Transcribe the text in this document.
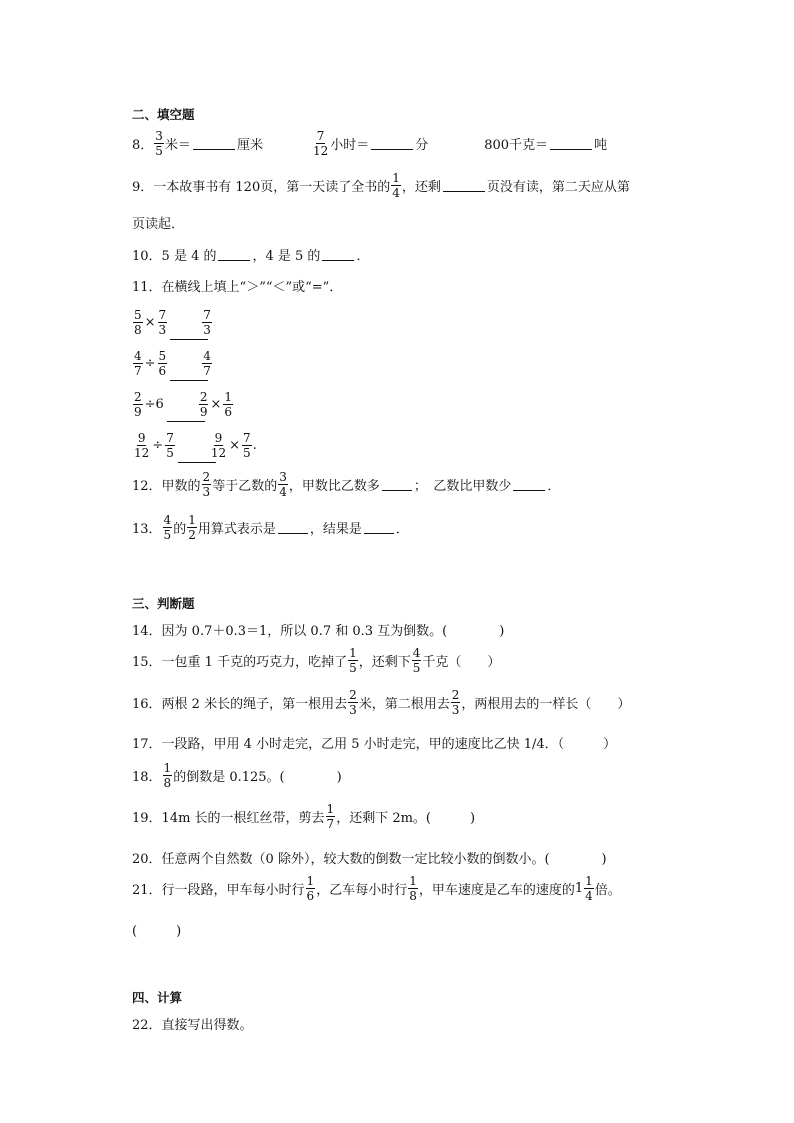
二、填空题
8． $\frac{3}{5}$ 米＝	厘米	$\frac{7}{12}$ 小时＝	分	800千克＝	吨
9．一本故事书有 120页，第一天读了全书的 $\frac{1}{4}$ ，还剩	页没有读，第二天应从第
页读起．
10．5 是 4 的	，4 是 5 的	．
11．在横线上填上“＞”“＜”或“=”．
$\frac{5}{8} \times \frac{7}{3}$	$\frac{7}{3}$
$\frac{4}{7} \div \frac{5}{6}$	$\frac{4}{7}$
$\frac{2}{9} \div 6$	$\frac{2}{9} \times \frac{1}{6}$
$\frac{9}{12} \div \frac{7}{5}$	$\frac{9}{12} \times \frac{7}{5}$ .
12．甲数的 $\frac{2}{3}$ 等于乙数的 $\frac{3}{4}$ ，甲数比乙数多	；　乙数比甲数少	．
13． $\frac{4}{5}$ 的 $\frac{1}{2}$ 用算式表示是	，结果是	．
三、判断题
14．因为 0.7＋0.3＝1，所以 0.7 和 0.3 互为倒数。(　　　　)
15．一包重 1 千克的巧克力，吃掉了 $\frac{1}{5}$ ，还剩下 $\frac{4}{5}$ 千克（　　）
16．两根 2 米长的绳子，第一根用去 $\frac{2}{3}$ 米，第二根用去 $\frac{2}{3}$ ，两根用去的一样长（　　）
17．一段路，甲用 4 小时走完，乙用 5 小时走完，甲的速度比乙快 1/4．（　　　）
18． $\frac{1}{8}$ 的倒数是 0.125。(　　　　)
19．14m 长的一根红丝带，剪去 $\frac{1}{7}$ ，还剩下 2m。(　　　)
20．任意两个自然数（0 除外），较大数的倒数一定比较小数的倒数小。(　　　　)
21．行一段路，甲车每小时行 $\frac{1}{6}$ ，乙车每小时行 $\frac{1}{8}$ ，甲车速度是乙车的速度的 $1 \frac{1}{4}$ 倍。
(　　　)
四、计算
22．直接写出得数。
